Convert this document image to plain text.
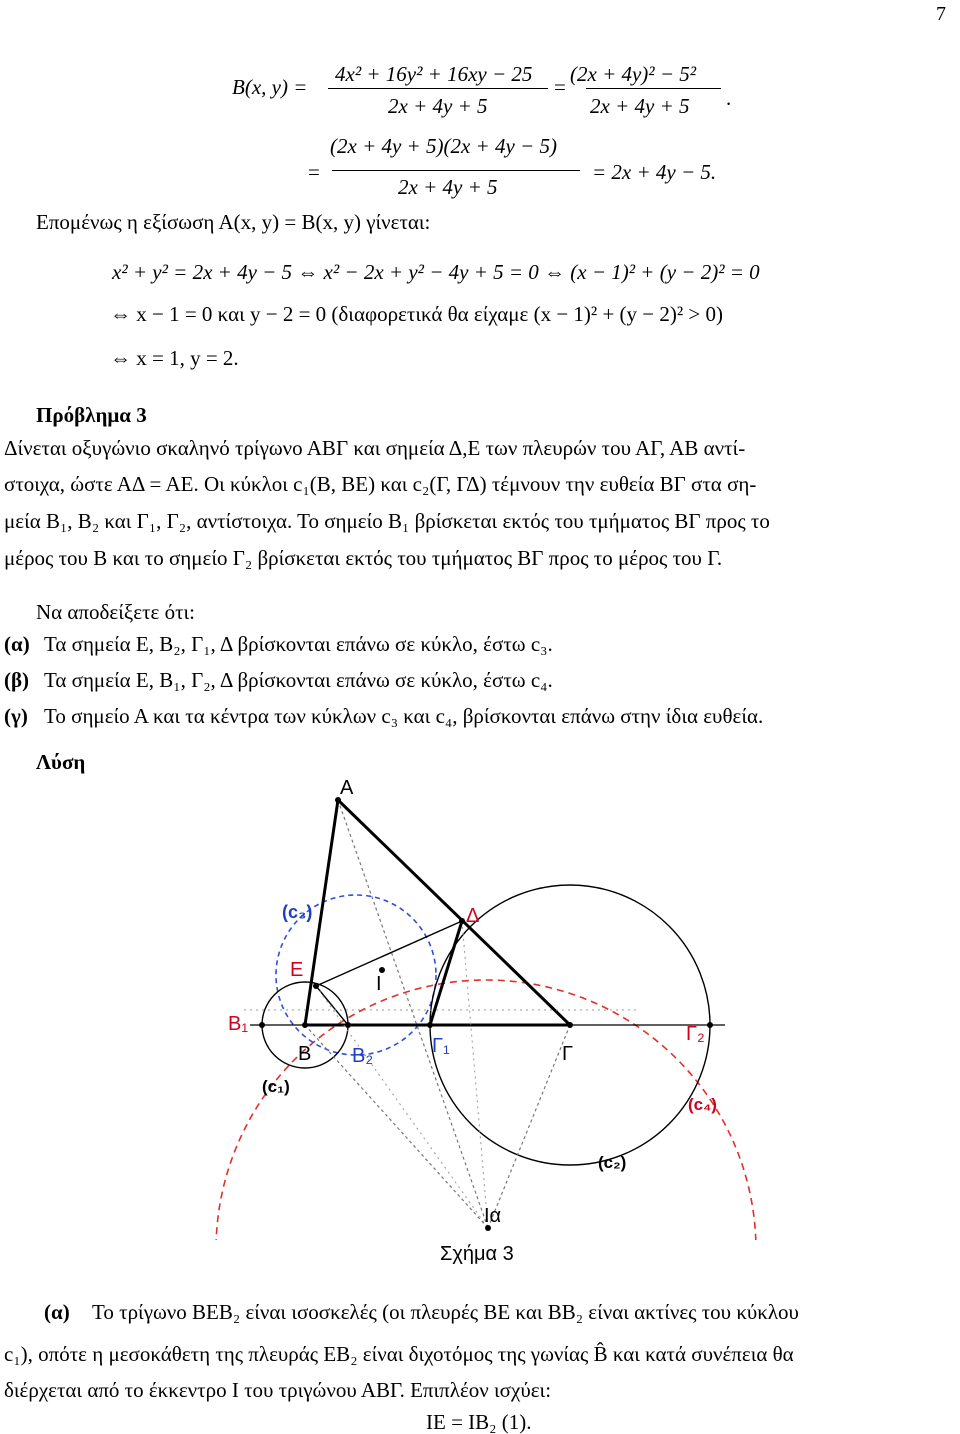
7
B(x, y) =
4x² + 16y² + 16xy − 25
2x + 4y + 5
=
(2x + 4y)² − 5²
2x + 4y + 5 .
=
(2x + 4y + 5)(2x + 4y − 5)
2x + 4y + 5
= 2x + 4y − 5.
Επομένως η εξίσωση Α(x, y) = Β(x, y) γίνεται:
x² + y² = 2x + 4y − 5 ⇔ x² − 2x + y² − 4y + 5 = 0 ⇔ (x − 1)² + (y − 2)² = 0
⇔ x − 1 = 0 και y − 2 = 0 (διαφορετικά θα είχαμε (x − 1)² + (y − 2)² > 0)
⇔ x = 1, y = 2.
Πρόβλημα 3
Δίνεται οξυγώνιο σκαληνό τρίγωνο ΑΒΓ και σημεία Δ,Ε των πλευρών του ΑΓ, ΑΒ αντί-
στοιχα, ώστε ΑΔ = ΑΕ. Οι κύκλοι c₁(Β, ΒΕ) και c₂(Γ, ΓΔ) τέμνουν την ευθεία ΒΓ στα ση-
μεία Β₁, Β₂ και Γ₁, Γ₂, αντίστοιχα. Το σημείο Β₁ βρίσκεται εκτός του τμήματος ΒΓ προς το
μέρος του Β και το σημείο Γ₂ βρίσκεται εκτός του τμήματος ΒΓ προς το μέρος του Γ.
Να αποδείξετε ότι:
(α) Τα σημεία Ε, Β₂, Γ₁, Δ βρίσκονται επάνω σε κύκλο, έστω c₃.
(β) Τα σημεία Ε, Β₁, Γ₂, Δ βρίσκονται επάνω σε κύκλο, έστω c₄.
(γ) Το σημείο Α και τα κέντρα των κύκλων c₃ και c₄, βρίσκονται επάνω στην ίδια ευθεία.
Λύση
A
(c₃)	Δ
E
I
B₁	Γ₂
B B₂	Γ₁	Γ
(c₁)
(c₄)
(c₂)
Iα
Σχήμα 3
(α) Το τρίγωνο ΒΕΒ₂ είναι ισοσκελές (οι πλευρές ΒΕ και ΒΒ₂ είναι ακτίνες του κύκλου
c₁), οπότε η μεσοκάθετη της πλευράς ΕΒ₂ είναι διχοτόμος της γωνίας B̂ και κατά συνέπεια θα
διέρχεται από το έκκεντρο Ι του τριγώνου ΑΒΓ. Επιπλέον ισχύει:
ΙΕ = ΙΒ₂ (1).
